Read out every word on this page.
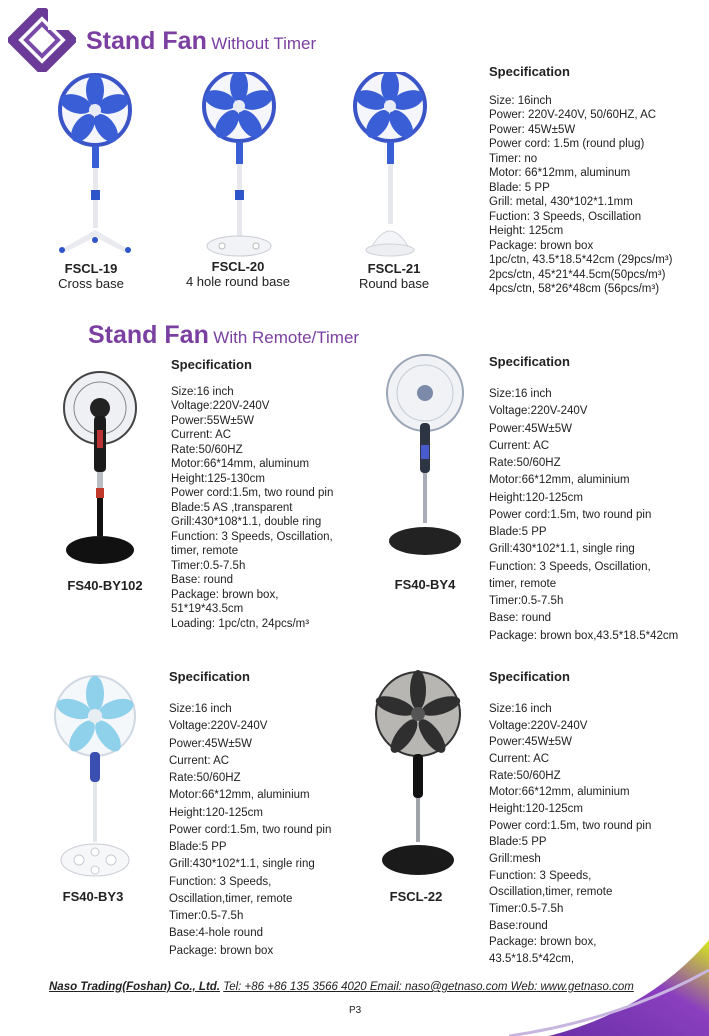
Stand Fan Without Timer
FSCL-19
Cross base
FSCL-20
4 hole round base
FSCL-21
Round base
Specification
Size: 16inch
Power: 220V-240V, 50/60HZ, AC
Power: 45W±5W
Power cord: 1.5m (round plug)
Timer: no
Motor: 66*12mm, aluminum
Blade: 5 PP
Grill: metal, 430*102*1.1mm
Fuction: 3 Speeds, Oscillation
Height: 125cm
Package: brown box
1pc/ctn, 43.5*18.5*42cm (29pcs/m³)
2pcs/ctn, 45*21*44.5cm(50pcs/m³)
4pcs/ctn, 58*26*48cm (56pcs/m³)
Stand Fan With Remote/Timer
FS40-BY102
Specification
Size:16 inch
Voltage:220V-240V
Power:55W±5W
Current: AC
Rate:50/60HZ
Motor:66*14mm, aluminum
Height:125-130cm
Power cord:1.5m, two round pin
Blade:5 AS ,transparent
Grill:430*108*1.1, double ring
Function: 3 Speeds, Oscillation,
timer, remote
Timer:0.5-7.5h
Base: round
Package: brown box,
51*19*43.5cm
Loading: 1pc/ctn, 24pcs/m³
FS40-BY4
Specification
Size:16 inch
Voltage:220V-240V
Power:45W±5W
Current: AC
Rate:50/60HZ
Motor:66*12mm, aluminium
Height:120-125cm
Power cord:1.5m, two round pin
Blade:5 PP
Grill:430*102*1.1, single ring
Function: 3 Speeds, Oscillation,
timer, remote
Timer:0.5-7.5h
Base: round
Package: brown box,43.5*18.5*42cm
FS40-BY3
Specification
Size:16 inch
Voltage:220V-240V
Power:45W±5W
Current: AC
Rate:50/60HZ
Motor:66*12mm, aluminium
Height:120-125cm
Power cord:1.5m, two round pin
Blade:5 PP
Grill:430*102*1.1, single ring
Function: 3 Speeds,
Oscillation,timer, remote
Timer:0.5-7.5h
Base:4-hole round
Package: brown box
FSCL-22
Specification
Size:16 inch
Voltage:220V-240V
Power:45W±5W
Current: AC
Rate:50/60HZ
Motor:66*12mm, aluminium
Height:120-125cm
Power cord:1.5m, two round pin
Blade:5 PP
Grill:mesh
Function: 3 Speeds,
Oscillation,timer, remote
Timer:0.5-7.5h
Base:round
Package: brown box,
43.5*18.5*42cm,
Naso Trading(Foshan) Co., Ltd. Tel: +86 +86 135 3566 4020 Email: naso@getnaso.com Web: www.getnaso.com
P3
